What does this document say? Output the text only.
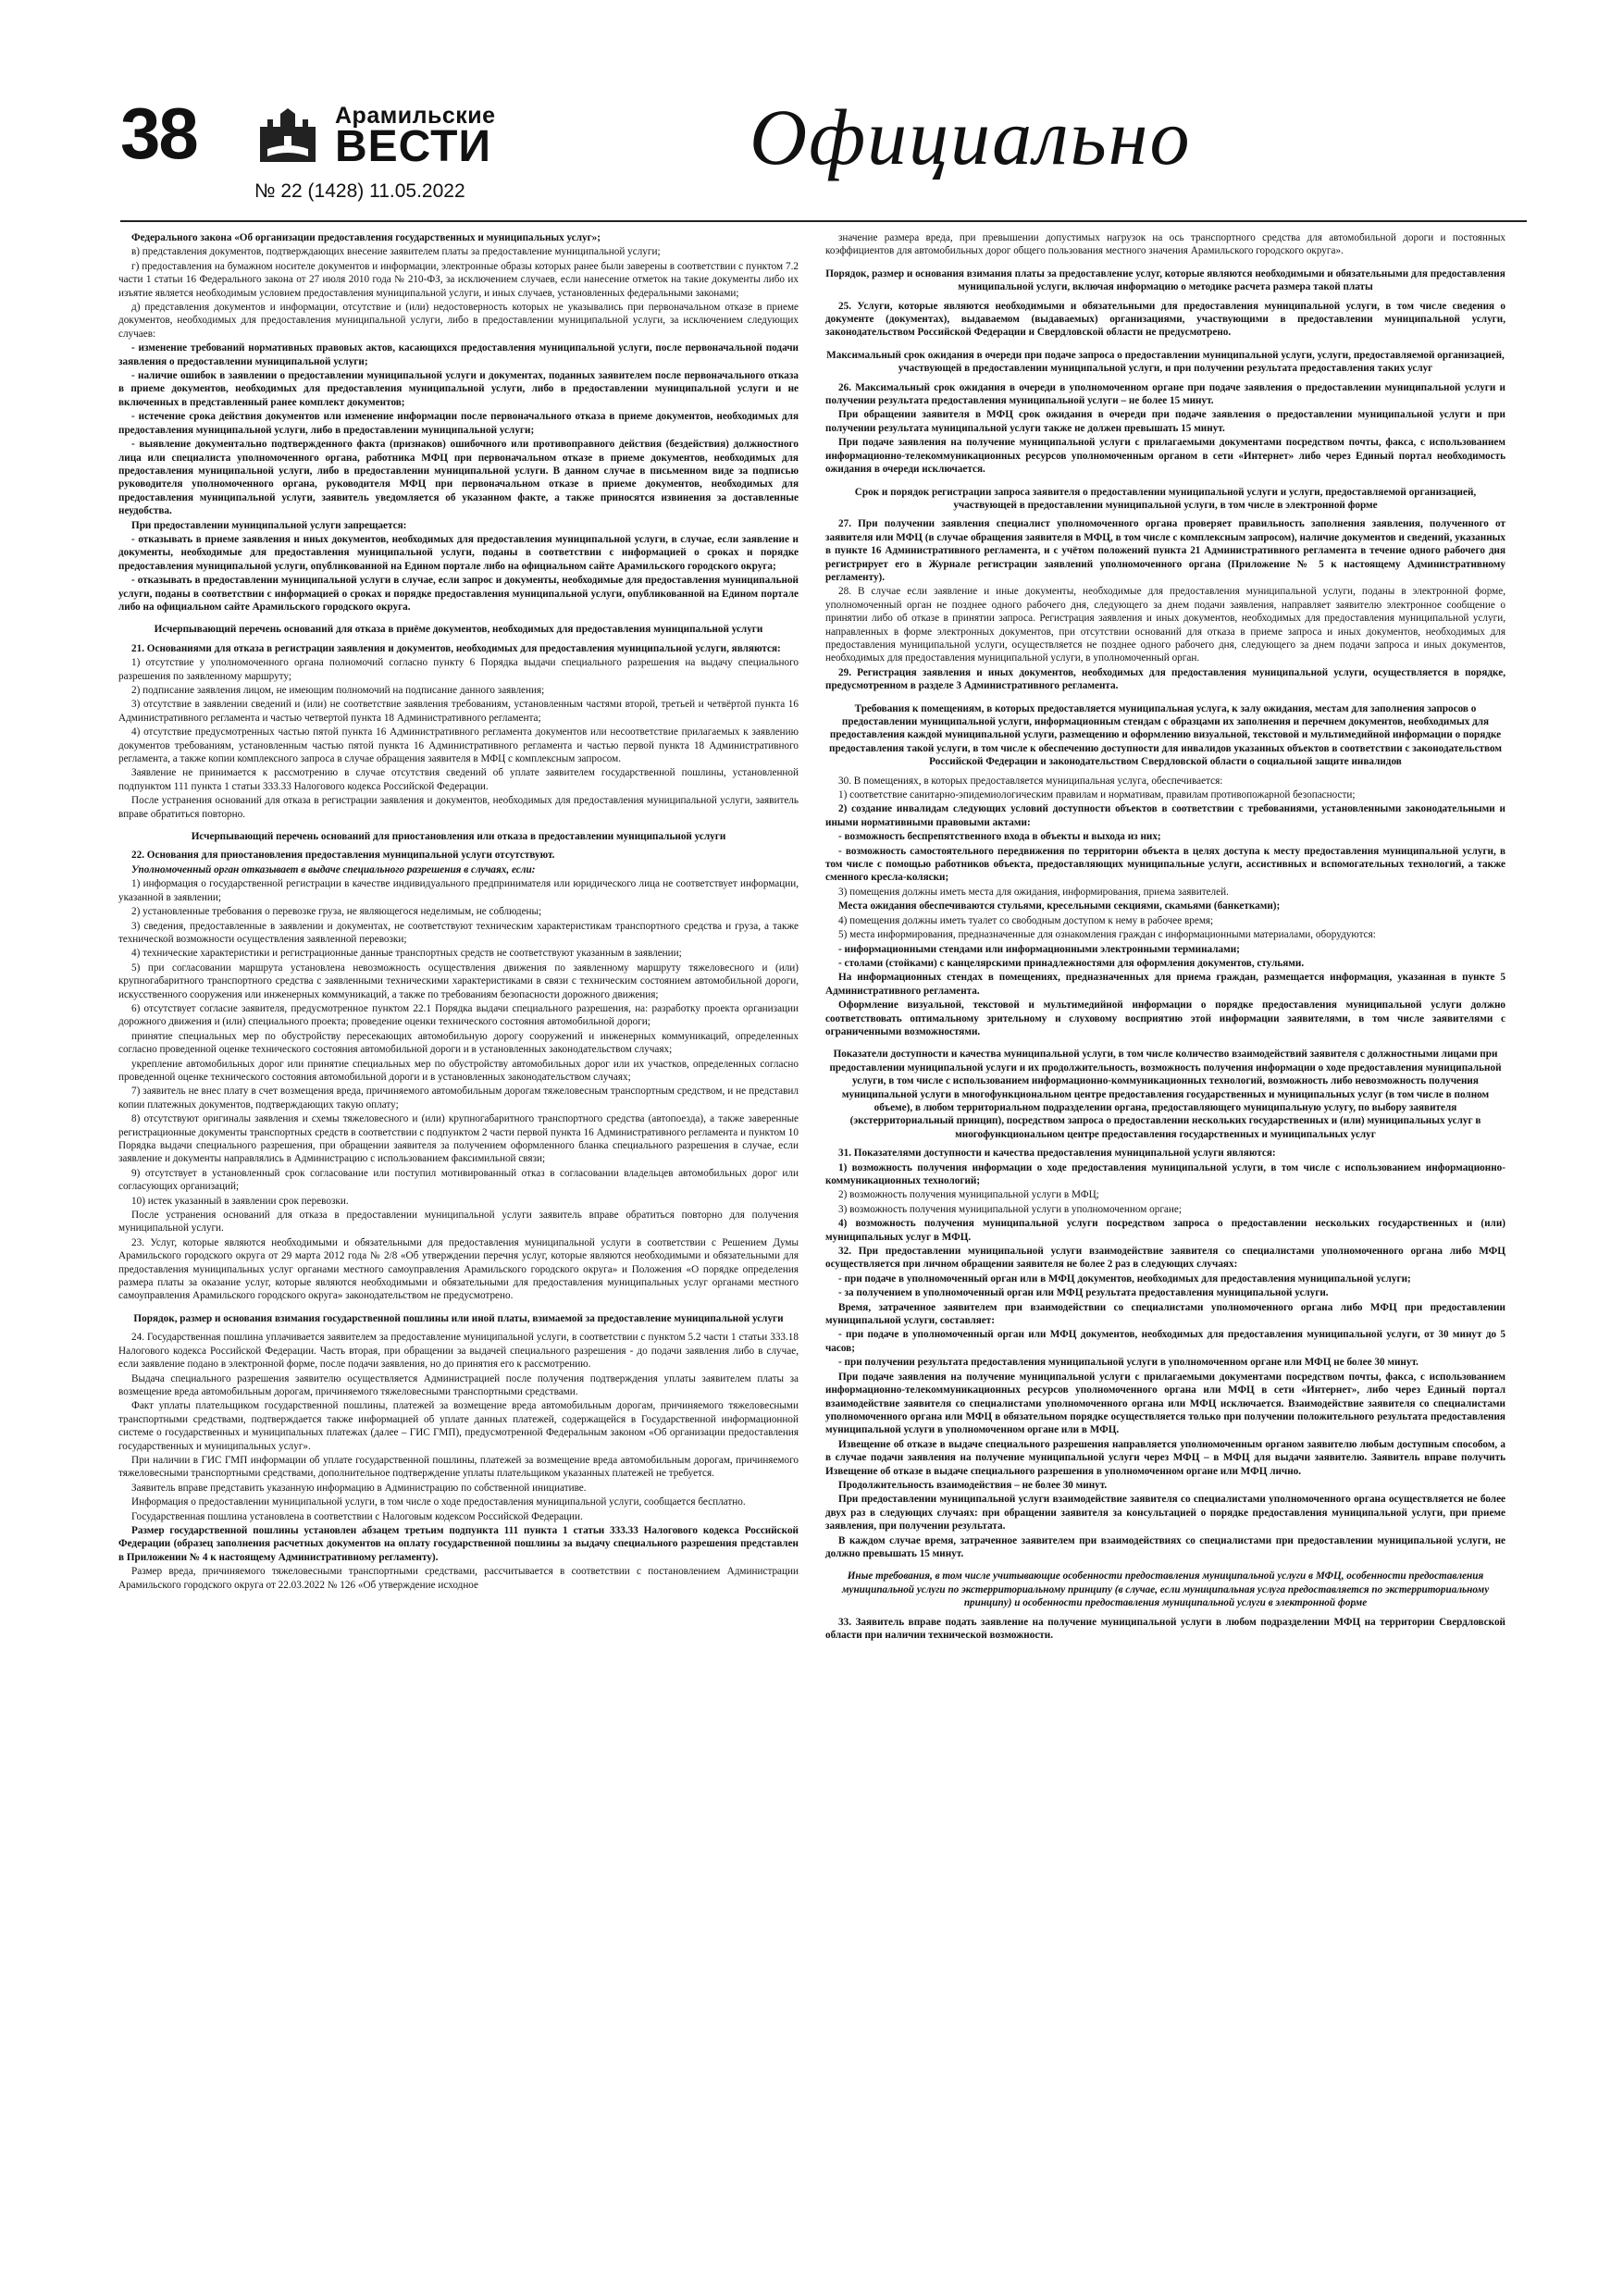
38	Арамильские
ВЕСТИ
№ 22 (1428) 11.05.2022
Официально

Федерального закона «Об организации предоставления государственных и муниципальных услуг»;

в) представления документов, подтверждающих внесение заявителем платы за предоставление муниципальной услуги;

г) предоставления на бумажном носителе документов и информации, электронные образы которых ранее были заверены в соответствии с пунктом 7.2 части 1 статьи 16 Федерального закона от 27 июля 2010 года № 210-ФЗ, за исключением случаев, если нанесение отметок на такие документы либо их изъятие является необходимым условием предоставления муниципальной услуги, и иных случаев, установленных федеральными законами;

д) представления документов и информации, отсутствие и (или) недостоверность которых не указывались при первоначальном отказе в приеме документов, необходимых для предоставления муниципальной услуги, либо в предоставлении муниципальной услуги, за исключением следующих случаев:

- изменение требований нормативных правовых актов, касающихся предоставления муниципальной услуги, после первоначальной подачи заявления о предоставлении муниципальной услуги;

- наличие ошибок в заявлении о предоставлении муниципальной услуги и документах, поданных заявителем после первоначального отказа в приеме документов, необходимых для предоставления муниципальной услуги, либо в предоставлении муниципальной услуги и не включенных в представленный ранее комплект документов;

- истечение срока действия документов или изменение информации после первоначального отказа в приеме документов, необходимых для предоставления муниципальной услуги, либо в предоставлении муниципальной услуги;

- выявление документально подтвержденного факта (признаков) ошибочного или противоправного действия (бездействия) должностного лица или специалиста уполномоченного органа, работника МФЦ при первоначальном отказе в приеме документов, необходимых для предоставления муниципальной услуги, либо в предоставлении муниципальной услуги. В данном случае в письменном виде за подписью руководителя уполномоченного органа, руководителя МФЦ при первоначальном отказе в приеме документов, необходимых для предоставления муниципальной услуги, заявитель уведомляется об указанном факте, а также приносятся извинения за доставленные неудобства.

При предоставлении муниципальной услуги запрещается:

- отказывать в приеме заявления и иных документов, необходимых для предоставления муниципальной услуги, в случае, если заявление и документы, необходимые для предоставления муниципальной услуги, поданы в соответствии с информацией о сроках и порядке предоставления муниципальной услуги, опубликованной на Едином портале либо на официальном сайте Арамильского городского округа;

- отказывать в предоставлении муниципальной услуги в случае, если запрос и документы, необходимые для предоставления муниципальной услуги, поданы в соответствии с информацией о сроках и порядке предоставления муниципальной услуги, опубликованной на Едином портале либо на официальном сайте Арамильского городского округа.

Исчерпывающий перечень оснований для отказа в приёме документов, необходимых для предоставления муниципальной услуги

21. Основаниями для отказа в регистрации заявления и документов, необходимых для предоставления муниципальной услуги, являются:

1) отсутствие у уполномоченного органа полномочий согласно пункту 6 Порядка выдачи специального разрешения на выдачу специального разрешения по заявленному маршруту;

2) подписание заявления лицом, не имеющим полномочий на подписание данного заявления;

3) отсутствие в заявлении сведений и (или) не соответствие заявления требованиям, установленным частями второй, третьей и четвёртой пункта 16 Административного регламента и частью четвертой пункта 18 Административного регламента;

4) отсутствие предусмотренных частью пятой пункта 16 Административного регламента документов или несоответствие прилагаемых к заявлению документов требованиям, установленным частью пятой пункта 16 Административного регламента и частью первой пункта 18 Административного регламента, а также копии комплексного запроса в случае обращения заявителя в МФЦ с комплексным запросом.

Заявление не принимается к рассмотрению в случае отсутствия сведений об уплате заявителем государственной пошлины, установленной подпунктом 111 пункта 1 статьи 333.33 Налогового кодекса Российской Федерации.

После устранения оснований для отказа в регистрации заявления и документов, необходимых для предоставления муниципальной услуги, заявитель вправе обратиться повторно.

Исчерпывающий перечень оснований для приостановления или отказа в предоставлении муниципальной услуги

22. Основания для приостановления предоставления муниципальной услуги отсутствуют.

Уполномоченный орган отказывает в выдаче специального разрешения в случаях, если:

1) информация о государственной регистрации в качестве индивидуального предпринимателя или юридического лица не соответствует информации, указанной в заявлении;

2) установленные требования о перевозке груза, не являющегося неделимым, не соблюдены;

3) сведения, предоставленные в заявлении и документах, не соответствуют техническим характеристикам транспортного средства и груза, а также технической возможности осуществления заявленной перевозки;

4) технические характеристики и регистрационные данные транспортных средств не соответствуют указанным в заявлении;

5) при согласовании маршрута установлена невозможность осуществления движения по заявленному маршруту тяжеловесного и (или) крупногабаритного транспортного средства с заявленными техническими характеристиками в связи с техническим состоянием автомобильной дороги, искусственного сооружения или инженерных коммуникаций, а также по требованиям безопасности дорожного движения;

6) отсутствует согласие заявителя, предусмотренное пунктом 22.1 Порядка выдачи специального разрешения, на: разработку проекта организации дорожного движения и (или) специального проекта; проведение оценки технического состояния автомобильной дороги;

принятие специальных мер по обустройству пересекающих автомобильную дорогу сооружений и инженерных коммуникаций, определенных согласно проведенной оценке технического состояния автомобильной дороги и в установленных законодательством случаях;

укрепление автомобильных дорог или принятие специальных мер по обустройству автомобильных дорог или их участков, определенных согласно проведенной оценке технического состояния автомобильной дороги и в установленных законодательством случаях;

7) заявитель не внес плату в счет возмещения вреда, причиняемого автомобильным дорогам тяжеловесным транспортным средством, и не представил копии платежных документов, подтверждающих такую оплату;

8) отсутствуют оригиналы заявления и схемы тяжеловесного и (или) крупногабаритного транспортного средства (автопоезда), а также заверенные регистрационные документы транспортных средств в соответствии с подпунктом 2 части первой пункта 16 Административного регламента и пунктом 10 Порядка выдачи специального разрешения, при обращении заявителя за получением оформленного бланка специального разрешения в случае, если заявление и документы направлялись в Администрацию с использованием факсимильной связи;

9) отсутствует в установленный срок согласование или поступил мотивированный отказ в согласовании владельцев автомобильных дорог или согласующих организаций;

10) истек указанный в заявлении срок перевозки.

После устранения оснований для отказа в предоставлении муниципальной услуги заявитель вправе обратиться повторно для получения муниципальной услуги.

23. Услуг, которые являются необходимыми и обязательными для предоставления муниципальной услуги в соответствии с Решением Думы Арамильского городского округа от 29 марта 2012 года № 2/8 «Об утверждении перечня услуг, которые являются необходимыми и обязательными для предоставления муниципальных услуг органами местного самоуправления Арамильского городского округа» и Положения «О порядке определения размера платы за оказание услуг, которые являются необходимыми и обязательными для предоставления муниципальных услуг органами местного самоуправления Арамильского городского округа» законодательством не предусмотрено.

Порядок, размер и основания взимания государственной пошлины или иной платы, взимаемой за предоставление муниципальной услуги

24. Государственная пошлина уплачивается заявителем за предоставление муниципальной услуги, в соответствии с пунктом 5.2 части 1 статьи 333.18 Налогового кодекса Российской Федерации. Часть вторая, при обращении за выдачей специального разрешения - до подачи заявления либо в случае, если заявление подано в электронной форме, после подачи заявления, но до принятия его к рассмотрению.

Выдача специального разрешения заявителю осуществляется Администрацией после получения подтверждения уплаты заявителем платы за возмещение вреда автомобильным дорогам, причиняемого тяжеловесными транспортными средствами.

Факт уплаты плательщиком государственной пошлины, платежей за возмещение вреда автомобильным дорогам, причиняемого тяжеловесными транспортными средствами, подтверждается также информацией об уплате данных платежей, содержащейся в Государственной информационной системе о государственных и муниципальных платежах (далее – ГИС ГМП), предусмотренной Федеральным законом «Об организации предоставления государственных и муниципальных услуг».

При наличии в ГИС ГМП информации об уплате государственной пошлины, платежей за возмещение вреда автомобильным дорогам, причиняемого тяжеловесными транспортными средствами, дополнительное подтверждение уплаты плательщиком указанных платежей не требуется.

Заявитель вправе представить указанную информацию в Администрацию по собственной инициативе.

Информация о предоставлении муниципальной услуги, в том числе о ходе предоставления муниципальной услуги, сообщается бесплатно.

Государственная пошлина установлена в соответствии с Налоговым кодексом Российской Федерации.

Размер государственной пошлины установлен абзацем третьим подпункта 111 пункта 1 статьи 333.33 Налогового кодекса Российской Федерации (образец заполнения расчетных документов на оплату государственной пошлины за выдачу специального разрешения представлен в Приложении № 4 к настоящему Административному регламенту).

Размер вреда, причиняемого тяжеловесными транспортными средствами, рассчитывается в соответствии с постановлением Администрации Арамильского городского округа от 22.03.2022 № 126 «Об утверждение исходное

значение размера вреда, при превышении допустимых нагрузок на ось транспортного средства для автомобильной дороги и постоянных коэффициентов для автомобильных дорог общего пользования местного значения Арамильского городского округа».

Порядок, размер и основания взимания платы за предоставление услуг, которые являются необходимыми и обязательными для предоставления муниципальной услуги, включая информацию о методике расчета размера такой платы

25. Услуги, которые являются необходимыми и обязательными для предоставления муниципальной услуги, в том числе сведения о документе (документах), выдаваемом (выдаваемых) организациями, участвующими в предоставлении муниципальной услуги, законодательством Российской Федерации и Свердловской области не предусмотрено.

Максимальный срок ожидания в очереди при подаче запроса о предоставлении муниципальной услуги, услуги, предоставляемой организацией, участвующей в предоставлении муниципальной услуги, и при получении результата предоставления таких услуг

26. Максимальный срок ожидания в очереди в уполномоченном органе при подаче заявления о предоставлении муниципальной услуги и получении результата предоставления муниципальной услуги – не более 15 минут.

При обращении заявителя в МФЦ срок ожидания в очереди при подаче заявления о предоставлении муниципальной услуги и при получении результата муниципальной услуги также не должен превышать 15 минут.

При подаче заявления на получение муниципальной услуги с прилагаемыми документами посредством почты, факса, с использованием информационно-телекоммуникационных ресурсов уполномоченным органом в сети «Интернет» либо через Единый портал необходимость ожидания в очереди исключается.

Срок и порядок регистрации запроса заявителя о предоставлении муниципальной услуги и услуги, предоставляемой организацией, участвующей в предоставлении муниципальной услуги, в том числе в электронной форме

27. При получении заявления специалист уполномоченного органа проверяет правильность заполнения заявления, полученного от заявителя или МФЦ (в случае обращения заявителя в МФЦ, в том числе с комплексным запросом), наличие документов и сведений, указанных в пункте 16 Административного регламента, и с учётом положений пункта 21 Административного регламента в течение одного рабочего дня регистрирует его в Журнале регистрации заявлений уполномоченного органа (Приложение № 5 к настоящему Административному регламенту).

28. В случае если заявление и иные документы, необходимые для предоставления муниципальной услуги, поданы в электронной форме, уполномоченный орган не позднее одного рабочего дня, следующего за днем подачи заявления, направляет заявителю электронное сообщение о принятии либо об отказе в принятии запроса. Регистрация заявления и иных документов, необходимых для предоставления муниципальной услуги, направленных в форме электронных документов, при отсутствии оснований для отказа в приеме запроса и иных документов, необходимых для предоставления муниципальной услуги, осуществляется не позднее одного рабочего дня, следующего за днем подачи запроса и иных документов, необходимых для предоставления муниципальной услуги, в уполномоченный орган.

29. Регистрация заявления и иных документов, необходимых для предоставления муниципальной услуги, осуществляется в порядке, предусмотренном в разделе 3 Административного регламента.

Требования к помещениям, в которых предоставляется муниципальная услуга, к залу ожидания, местам для заполнения запросов о предоставлении муниципальной услуги, информационным стендам с образцами их заполнения и перечнем документов, необходимых для предоставления каждой муниципальной услуги, размещению и оформлению визуальной, текстовой и мультимедийной информации о порядке предоставления такой услуги, в том числе к обеспечению доступности для инвалидов указанных объектов в соответствии с законодательством Российской Федерации и законодательством Свердловской области о социальной защите инвалидов

30. В помещениях, в которых предоставляется муниципальная услуга, обеспечивается:

1) соответствие санитарно-эпидемиологическим правилам и нормативам, правилам противопожарной безопасности;

2) создание инвалидам следующих условий доступности объектов в соответствии с требованиями, установленными законодательными и иными нормативными правовыми актами:

- возможность беспрепятственного входа в объекты и выхода из них;

- возможность самостоятельного передвижения по территории объекта в целях доступа к месту предоставления муниципальной услуги, в том числе с помощью работников объекта, предоставляющих муниципальные услуги, ассистивных и вспомогательных технологий, а также сменного кресла-коляски;

3) помещения должны иметь места для ожидания, информирования, приема заявителей.

Места ожидания обеспечиваются стульями, кресельными секциями, скамьями (банкетками);

4) помещения должны иметь туалет со свободным доступом к нему в рабочее время;

5) места информирования, предназначенные для ознакомления граждан с информационными материалами, оборудуются:

- информационными стендами или информационными электронными терминалами;

- столами (стойками) с канцелярскими принадлежностями для оформления документов, стульями.

На информационных стендах в помещениях, предназначенных для приема граждан, размещается информация, указанная в пункте 5 Административного регламента.

Оформление визуальной, текстовой и мультимедийной информации о порядке предоставления муниципальной услуги должно соответствовать оптимальному зрительному и слуховому восприятию этой информации заявителями, в том числе заявителями с ограниченными возможностями.

Показатели доступности и качества муниципальной услуги, в том числе количество взаимодействий заявителя с должностными лицами при предоставлении муниципальной услуги и их продолжительность, возможность получения информации о ходе предоставления муниципальной услуги, в том числе с использованием информационно-коммуникационных технологий, возможность либо невозможность получения муниципальной услуги в многофункциональном центре предоставления государственных и муниципальных услуг (в том числе в полном объеме), в любом территориальном подразделении органа, предоставляющего муниципальную услугу, по выбору заявителя (экстерриториальный принцип), посредством запроса о предоставлении нескольких государственных и (или) муниципальных услуг в многофункциональном центре предоставления государственных и муниципальных услуг

31. Показателями доступности и качества предоставления муниципальной услуги являются:

1) возможность получения информации о ходе предоставления муниципальной услуги, в том числе с использованием информационно-коммуникационных технологий;

2) возможность получения муниципальной услуги в МФЦ;

3) возможность получения муниципальной услуги в уполномоченном органе;

4) возможность получения муниципальной услуги посредством запроса о предоставлении нескольких государственных и (или) муниципальных услуг в МФЦ.

32. При предоставлении муниципальной услуги взаимодействие заявителя со специалистами уполномоченного органа либо МФЦ осуществляется при личном обращении заявителя не более 2 раз в следующих случаях:

- при подаче в уполномоченный орган или в МФЦ документов, необходимых для предоставления муниципальной услуги;

- за получением в уполномоченный орган или МФЦ результата предоставления муниципальной услуги.

Время, затраченное заявителем при взаимодействии со специалистами уполномоченного органа либо МФЦ при предоставлении муниципальной услуги, составляет:

- при подаче в уполномоченный орган или МФЦ документов, необходимых для предоставления муниципальной услуги, от 30 минут до 5 часов;

- при получении результата предоставления муниципальной услуги в уполномоченном органе или МФЦ не более 30 минут.

При подаче заявления на получение муниципальной услуги с прилагаемыми документами посредством почты, факса, с использованием информационно-телекоммуникационных ресурсов уполномоченного органа или МФЦ в сети «Интернет», либо через Единый портал взаимодействие заявителя со специалистами уполномоченного органа или МФЦ исключается. Взаимодействие заявителя со специалистами уполномоченного органа или МФЦ в обязательном порядке осуществляется только при получении положительного результата предоставления муниципальной услуги в уполномоченном органе или в МФЦ.

Извещение об отказе в выдаче специального разрешения направляется уполномоченным органом заявителю любым доступным способом, а в случае подачи заявления на получение муниципальной услуги через МФЦ – в МФЦ для выдачи заявителю. Заявитель вправе получить Извещение об отказе в выдаче специального разрешения в уполномоченном органе или МФЦ лично.

Продолжительность взаимодействия – не более 30 минут.

При предоставлении муниципальной услуги взаимодействие заявителя со специалистами уполномоченного органа осуществляется не более двух раз в следующих случаях: при обращении заявителя за консультацией о порядке предоставления муниципальной услуги, при приеме заявления, при получении результата.

В каждом случае время, затраченное заявителем при взаимодействиях со специалистами при предоставлении муниципальной услуги, не должно превышать 15 минут.

Иные требования, в том числе учитывающие особенности предоставления муниципальной услуги в МФЦ, особенности предоставления муниципальной услуги по экстерриториальному принципу (в случае, если муниципальная услуга предоставляется по экстерриториальному принципу) и особенности предоставления муниципальной услуги в электронной форме

33. Заявитель вправе подать заявление на получение муниципальной услуги в любом подразделении МФЦ на территории Свердловской области при наличии технической возможности.
